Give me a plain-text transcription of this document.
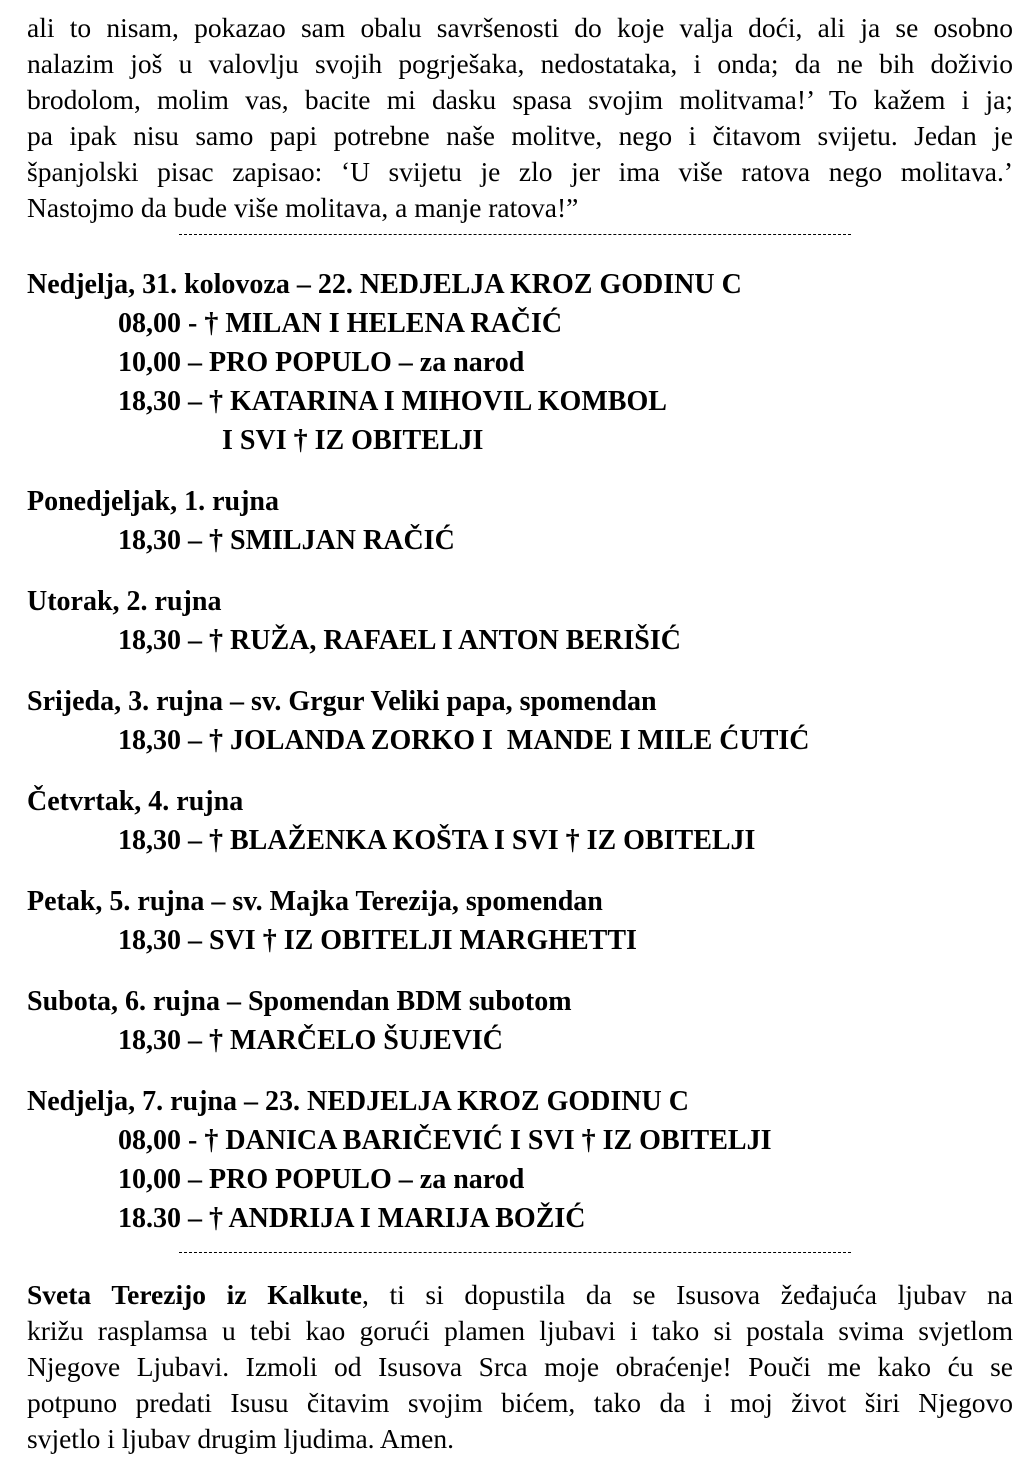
ali to nisam, pokazao sam obalu savršenosti do koje valja doći, ali ja se osobno
nalazim još u valovlju svojih pogrješaka, nedostataka, i onda; da ne bih doživio
brodolom, molim vas, bacite mi dasku spasa svojim molitvama!’ To kažem i ja;
pa ipak nisu samo papi potrebne naše molitve, nego i čitavom svijetu. Jedan je
španjolski pisac zapisao: ‘U svijetu je zlo jer ima više ratova nego molitava.’
Nastojmo da bude više molitava, a manje ratova!”
Nedjelja, 31. kolovoza – 22. NEDJELJA KROZ GODINU C
08,00 - † MILAN I HELENA RAČIĆ
10,00 – PRO POPULO – za narod
18,30 – † KATARINA I MIHOVIL KOMBOL
I SVI † IZ OBITELJI
Ponedjeljak, 1. rujna
18,30 – † SMILJAN RAČIĆ
Utorak, 2. rujna
18,30 – † RUŽA, RAFAEL I ANTON BERIŠIĆ
Srijeda, 3. rujna – sv. Grgur Veliki papa, spomendan
18,30 – † JOLANDA ZORKO I  MANDE I MILE ĆUTIĆ
Četvrtak, 4. rujna
18,30 – † BLAŽENKA KOŠTA I SVI † IZ OBITELJI
Petak, 5. rujna – sv. Majka Terezija, spomendan
18,30 – SVI † IZ OBITELJI MARGHETTI
Subota, 6. rujna – Spomendan BDM subotom
18,30 – † MARČELO ŠUJEVIĆ
Nedjelja, 7. rujna – 23. NEDJELJA KROZ GODINU C
08,00 - † DANICA BARIČEVIĆ I SVI † IZ OBITELJI
10,00 – PRO POPULO – za narod
18.30 – † ANDRIJA I MARIJA BOŽIĆ
Sveta Terezijo iz Kalkute, ti si dopustila da se Isusova žeđajuća ljubav na
križu rasplamsa u tebi kao gorući plamen ljubavi i tako si postala svima svjetlom
Njegove Ljubavi. Izmoli od Isusova Srca moje obraćenje! Pouči me kako ću se
potpuno predati Isusu čitavim svojim bićem, tako da i moj život širi Njegovo
svjetlo i ljubav drugim ljudima. Amen.
